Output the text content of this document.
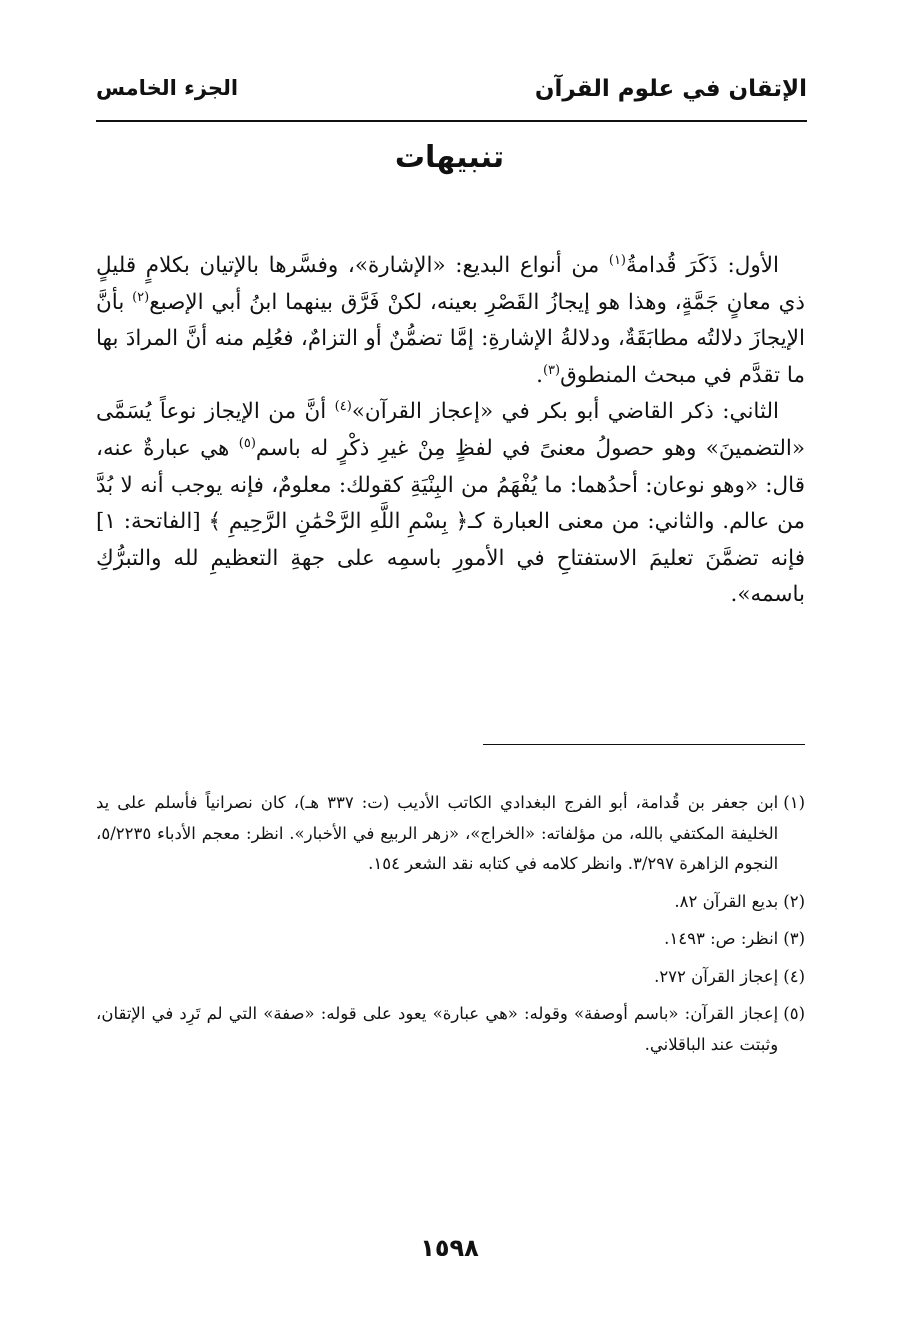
الإتقان في علوم القرآن
الجزء الخامس
تنبيهات

الأول: ذَكَرَ قُدامةُ$^{(١)}$ من أنواع البديع: «الإشارة»، وفسَّرها بالإتيان بكلامٍ قليلٍ ذي معانٍ جَمَّةٍ، وهذا هو إيجازُ القَصْرِ بعينه، لكنْ فَرَّق بينهما ابنُ أبي الإصبع$^{(٢)}$ بأنَّ الإيجازَ دلالتُه مطابَقَةٌ، ودلالةُ الإشارةِ: إمَّا تضمُّنٌ أو التزامٌ، فعُلِم منه أنَّ المرادَ بها ما تقدَّم في مبحث المنطوق$^{(٣)}$.

الثاني: ذكر القاضي أبو بكر في «إعجاز القرآن»$^{(٤)}$ أنَّ من الإيجاز نوعاً يُسَمَّى «التضمينَ» وهو حصولُ معنىً في لفظٍ مِنْ غيرِ ذكْرٍ له باسم$^{(٥)}$ هي عبارةٌ عنه، قال: «وهو نوعان: أحدُهما: ما يُفْهَمُ من البِنْيَةِ كقولك: معلومٌ، فإنه يوجب أنه لا بُدَّ من عالم. والثاني: من معنى العبارة كـ﴿ بِسْمِ اللَّهِ الرَّحْمَٰنِ الرَّحِيمِ ﴾ [الفاتحة: ١] فإنه تضمَّنَ تعليمَ الاستفتاحِ في الأمورِ باسمِه على جهةِ التعظيمِ لله والتبرُّكِ باسمه».

(١)
ابن جعفر بن قُدامة، أبو الفرج البغدادي الكاتب الأديب (ت: ٣٣٧ هـ)، كان نصرانياً فأسلم على يد الخليفة المكتفي بالله، من مؤلفاته: «الخراج»، «زهر الربيع في الأخبار». انظر: معجم الأدباء ٥/٢٢٣٥، النجوم الزاهرة ٣/٢٩٧. وانظر كلامه في كتابه نقد الشعر ١٥٤.
(٢)
بديع القرآن ٨٢.
(٣)
انظر: ص: ١٤٩٣.
(٤)
إعجاز القرآن ٢٧٢.
(٥)
إعجاز القرآن: «باسم أوصفة» وقوله: «هي عبارة» يعود على قوله: «صفة» التي لم تَرِد في الإتقان، وثبتت عند الباقلاني.
١٥٩٨
